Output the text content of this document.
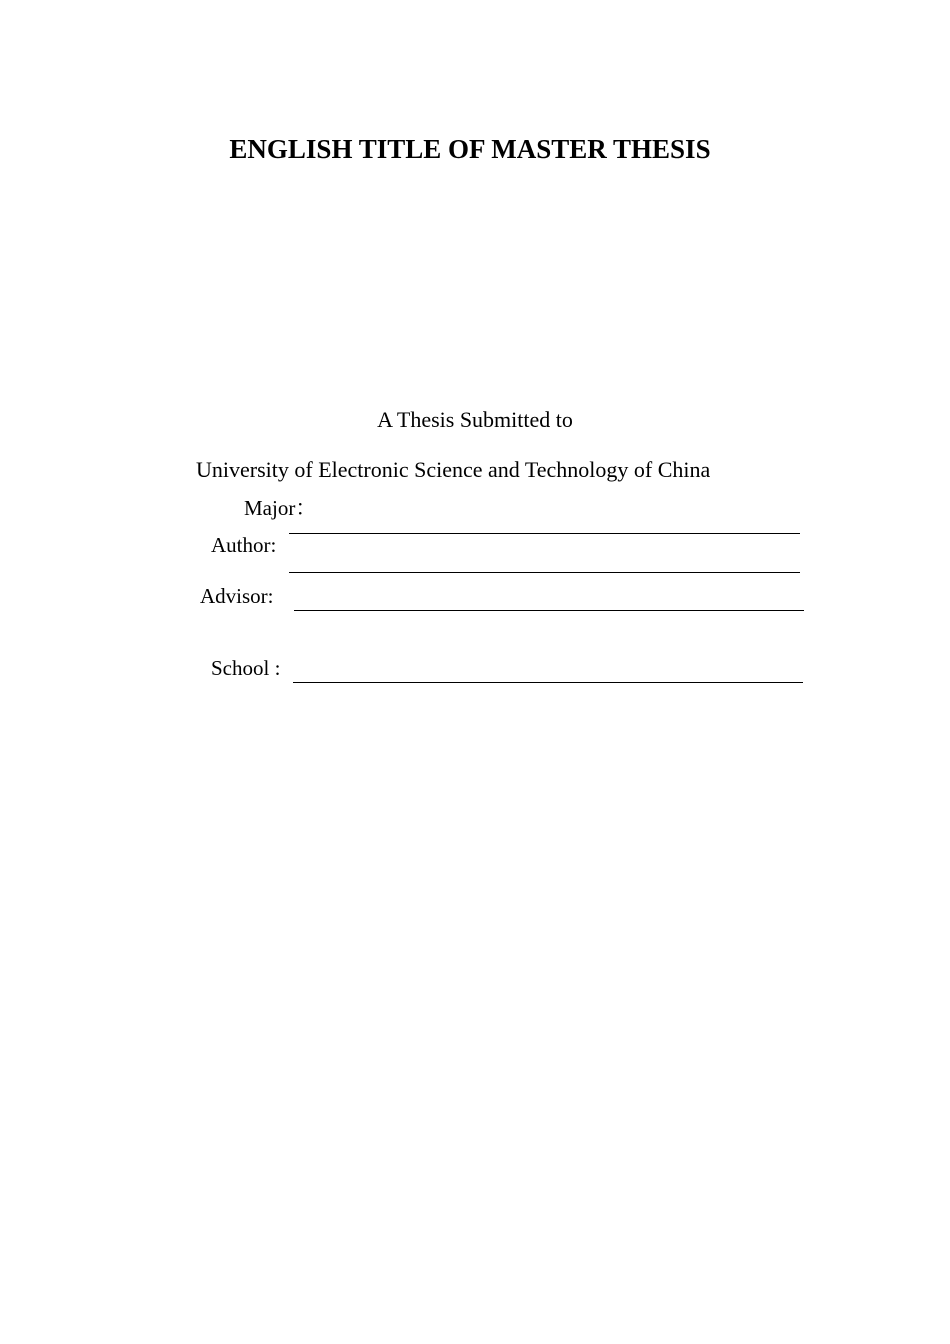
ENGLISH TITLE OF MASTER THESIS
A Thesis Submitted to
University of Electronic Science and Technology of China
Major：
Author:
Advisor:
School :
